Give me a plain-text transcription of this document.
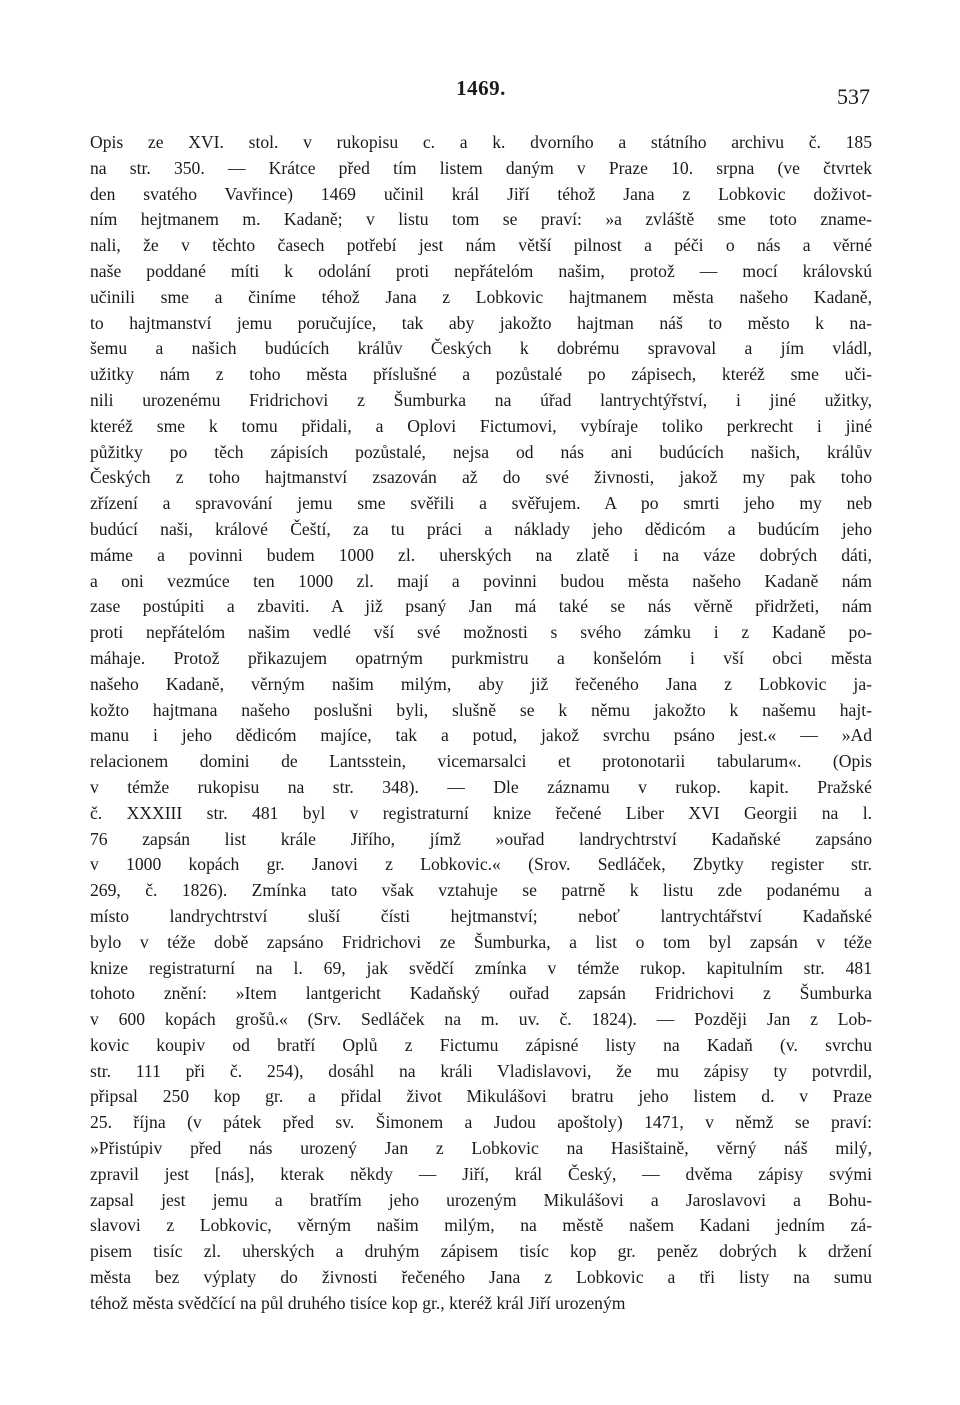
1469.	537
Opis ze XVI. stol. v rukopisu c. a k. dvorního a státního archivu č. 185
na str. 350. — Krátce před tím listem daným v Praze 10. srpna (ve čtvrtek
den svatého Vavřince) 1469 učinil král Jiří téhož Jana z Lobkovic doživot-
ním hejtmanem m. Kadaně; v listu tom se praví: »a zvláště sme toto zname-
nali, že v těchto časech potřebí jest nám větší pilnost a péči o nás a věrné
naše poddané míti k odolání proti nepřátelóm našim, protož — mocí královskú
učinili sme a činíme téhož Jana z Lobkovic hajtmanem města našeho Kadaně,
to hajtmanství jemu poručujíce, tak aby jakožto hajtman náš to město k na-
šemu a našich budúcích králův Českých k dobrému spravoval a jím vládl,
užitky nám z toho města příslušné a pozůstalé po zápisech, kteréž sme uči-
nili urozenému Fridrichovi z Šumburka na úřad lantrychtýřství, i jiné užitky,
kteréž sme k tomu přidali, a Oplovi Fictumovi, vybíraje toliko perkrecht i jiné
půžitky po těch zápisích pozůstalé, nejsa od nás ani budúcích našich, králův
Českých z toho hajtmanství zsazován až do své živnosti, jakož my pak toho
zřízení a spravování jemu sme svěřili a svěřujem. A po smrti jeho my neb
budúcí naši, králové Čeští, za tu práci a náklady jeho dědicóm a budúcím jeho
máme a povinni budem 1000 zl. uherských na zlatě i na váze dobrých dáti,
a oni vezmúce ten 1000 zl. mají a povinni budou města našeho Kadaně nám
zase postúpiti a zbaviti. A již psaný Jan má také se nás věrně přidržeti, nám
proti nepřátelóm našim vedlé vší své možnosti s svého zámku i z Kadaně po-
máhaje. Protož přikazujem opatrným purkmistru a konšelóm i vší obci města
našeho Kadaně, věrným našim milým, aby již řečeného Jana z Lobkovic ja-
kožto hajtmana našeho poslušni byli, slušně se k němu jakožto k našemu hajt-
manu i jeho dědicóm majíce, tak a potud, jakož svrchu psáno jest.« — »Ad
relacionem domini de Lantsstein, vicemarsalci et protonotarii tabularum«. (Opis
v témže rukopisu na str. 348). — Dle záznamu v rukop. kapit. Pražské
č. XXXIII str. 481 byl v registraturní knize řečené Liber XVI Georgii na l.
76 zapsán list krále Jiřího, jímž »ouřad landrychtrství Kadaňské zapsáno
v 1000 kopách gr. Janovi z Lobkovic.« (Srov. Sedláček, Zbytky register str.
269, č. 1826). Zmínka tato však vztahuje se patrně k listu zde podanému a
místo landrychtrství sluší čísti hejtmanství; neboť lantrychtářství Kadaňské
bylo v téže době zapsáno Fridrichovi ze Šumburka, a list o tom byl zapsán v téže
knize registraturní na l. 69, jak svědčí zmínka v témže rukop. kapitulním str. 481
tohoto znění: »Item lantgericht Kadaňský ouřad zapsán Fridrichovi z Šumburka
v 600 kopách grošů.« (Srv. Sedláček na m. uv. č. 1824). — Později Jan z Lob-
kovic koupiv od bratří Oplů z Fictumu zápisné listy na Kadaň (v. svrchu
str. 111 při č. 254), dosáhl na králi Vladislavovi, že mu zápisy ty potvrdil,
připsal 250 kop gr. a přidal život Mikulášovi bratru jeho listem d. v Praze
25. října (v pátek před sv. Šimonem a Judou apoštoly) 1471, v němž se praví:
»Přistúpiv před nás urozený Jan z Lobkovic na Hasištaině, věrný náš milý,
zpravil jest [nás], kterak někdy — Jiří, král Český, — dvěma zápisy svými
zapsal jest jemu a bratřím jeho urozeným Mikulášovi a Jaroslavovi a Bohu-
slavovi z Lobkovic, věrným našim milým, na městě našem Kadani jedním zá-
pisem tisíc zl. uherských a druhým zápisem tisíc kop gr. peněz dobrých k držení
města bez výplaty do živnosti řečeného Jana z Lobkovic a tři listy na sumu
téhož města svědčící na půl druhého tisíce kop gr., kteréž král Jiří urozeným
